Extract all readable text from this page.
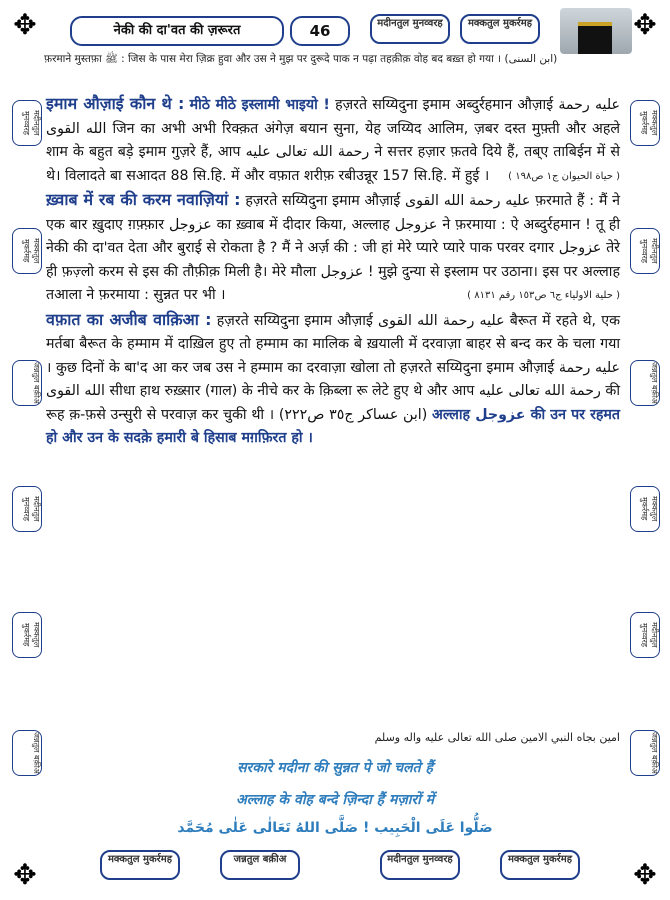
✥	✥
✥	✥
नेकी की दा'वत की ज़रूरत	46	मदीनतुल मुनव्वरह	मक्कतुल मुकर्रमह
फ़रमाने मुस्तफ़ा ﷺ : जिस के पास मेरा ज़िक्र हुवा और उस ने मुझ पर दुरूदे पाक न पढ़ा तहक़ीक़ वोह बद बख़्त हो गया । (ابن السنی)
मदीनतुल मुनव्वरह
मक्कतुल मुकर्रमह
जन्नतुल बक़ीअ
मदीनतुल मुनव्वरह
मक्कतुल मुकर्रमह
जन्नतुल बक़ीअ
मक्कतुल मुकर्रमह
मदीनतुल मुनव्वरह
जन्नतुल बक़ीअ
मक्कतुल मुकर्रमह
मदीनतुल मुनव्वरह
जन्नतुल बक़ीअ

इमाम औज़ाई कौन थे : मीठे मीठे इस्लामी भाइयो ! हज़रते सय्यिदुना इमाम अब्दुर्रहमान औज़ाई عليه رحمة الله القوى जिन का अभी अभी रिक्क़त अंगेज़ बयान सुना, येह जय्यिद आलिम, ज़बर दस्त मुफ़्ती और अहले शाम के बहुत बड़े इमाम गुज़रे हैं, आप رحمة الله تعالى عليه ने सत्तर हज़ार फ़तवे दिये हैं, तब्ए ताबिईन में से थे। विलादते बा सआदत 88 सि.हि. में और वफ़ात शरीफ़ रबीउन्नूर 157 सि.हि. में हुई । ( حياة الحيوان ج١ ص١٩٨ )

ख़्वाब में रब की करम नवाज़ियां : हज़रते सय्यिदुना इमाम औज़ाई عليه رحمة الله القوى फ़रमाते हैं : मैं ने एक बार ख़ुदाए ग़फ़्फ़ार عزوجل का ख़्वाब में दीदार किया, अल्लाह عزوجل ने फ़रमाया : ऐ अब्दुर्रहमान ! तू ही नेकी की दा'वत देता और बुराई से रोकता है ? मैं ने अर्ज़ की : जी हां मेरे प्यारे प्यारे पाक परवर दगार عزوجل तेरे ही फ़ज़्लो करम से इस की तौफ़ीक़ मिली है। मेरे मौला عزوجل ! मुझे दुन्या से इस्लाम पर उठाना। इस पर अल्लाह तआला ने फ़रमाया : सुन्नत पर भी ।	( حلية الاولياء ج٦ ص١٥٣ رقم ٨١٣١ )

वफ़ात का अजीब वाक़िआ : हज़रते सय्यिदुना इमाम औज़ाई عليه رحمة الله القوى बैरूत में रहते थे, एक मर्तबा बैरूत के हम्माम में दाख़िल हुए तो हम्माम का मालिक बे ख़याली में दरवाज़ा बाहर से बन्द कर के चला गया । कुछ दिनों के बा'द आ कर जब उस ने हम्माम का दरवाज़ा खोला तो हज़रते सय्यिदुना इमाम औज़ाई عليه رحمة الله القوى सीधा हाथ रुख़्सार (गाल) के नीचे कर के क़िब्ला रू लेटे हुए थे और आप رحمة الله تعالى عليه की रूह क़-फ़से उन्सुरी से परवाज़ कर चुकी थी । (ابن عساكر ج٣٥ ص٢٢٢) अल्लाह عزوجل की उन पर रहमत हो और उन के सदक़े हमारी बे हिसाब मग़फ़िरत हो ।

امين بجاه النبي الامين صلى الله تعالى عليه واله وسلم
सरकारे मदीना की सुन्नत पे जो चलते हैं
अल्लाह के वोह बन्दे ज़िन्दा हैं मज़ारों में
صَلُّوا عَلَى الْحَبِيب ! صَلَّى اللهُ تَعَالٰى عَلٰى مُحَمَّد
मक्कतुल मुकर्रमह	जन्नतुल बक़ीअ	मदीनतुल मुनव्वरह	मक्कतुल मुकर्रमह
